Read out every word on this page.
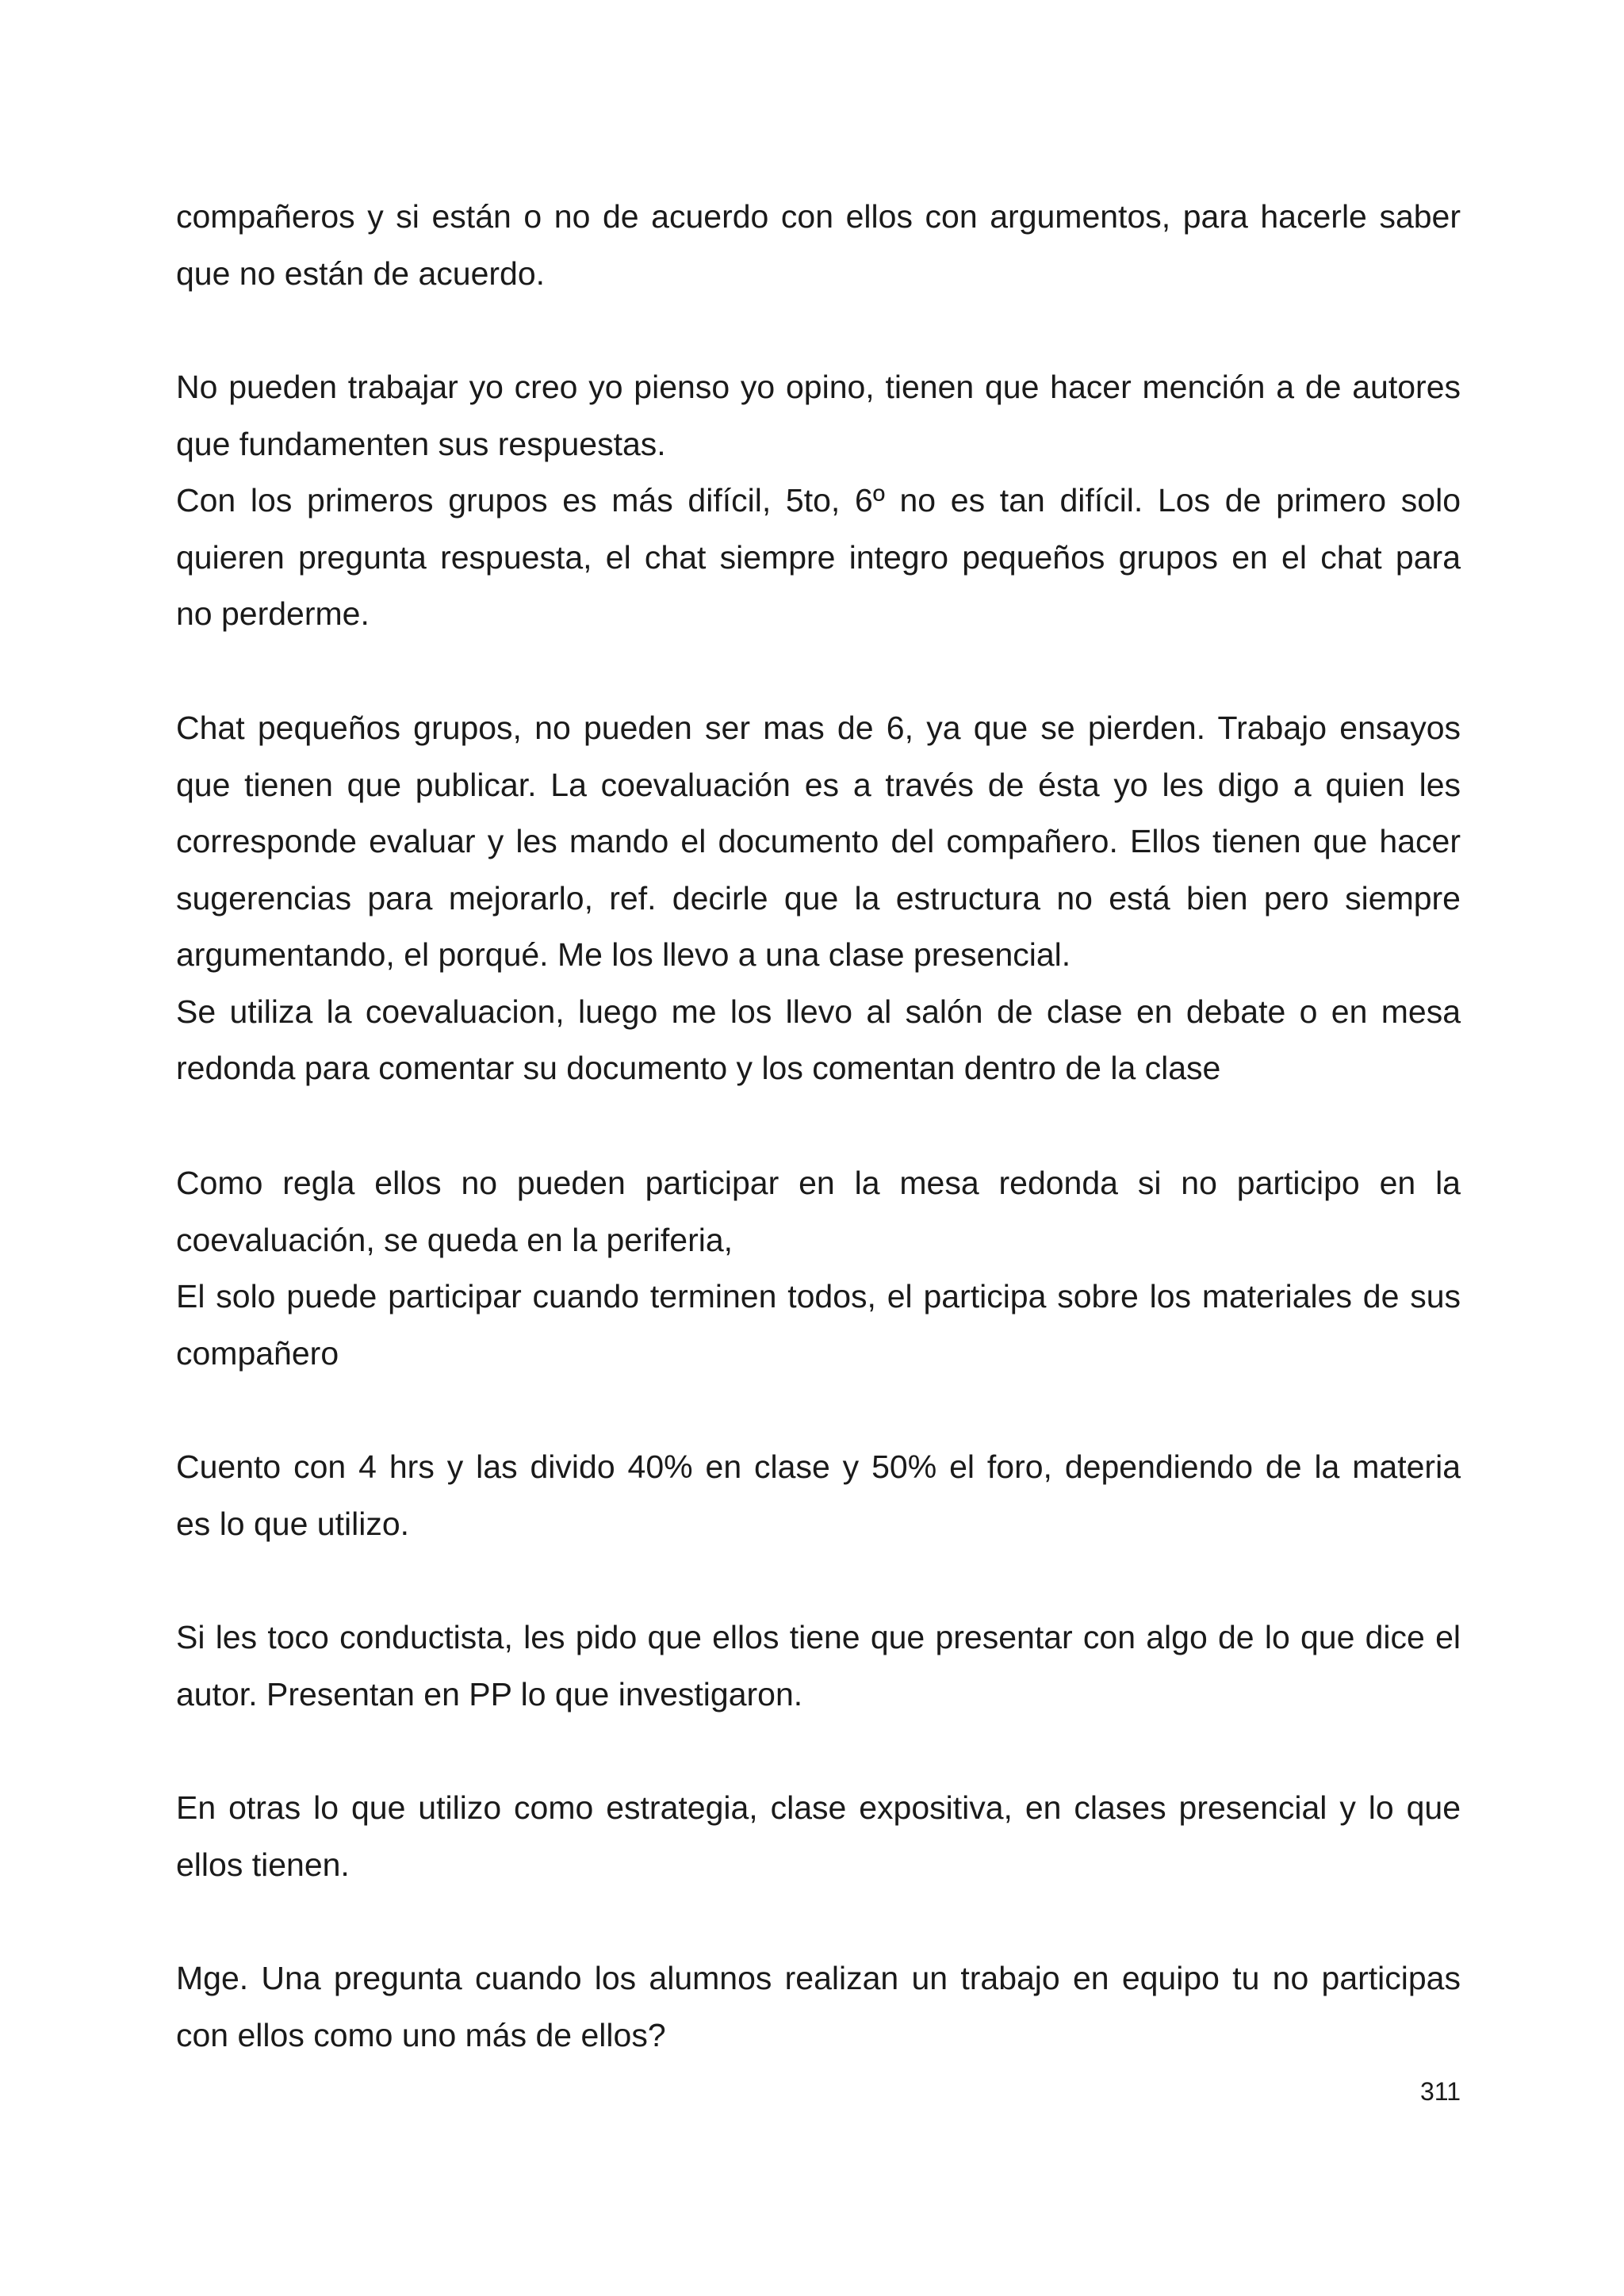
compañeros y si están o no de acuerdo con ellos con argumentos, para hacerle saber
que no están de acuerdo.
No pueden trabajar yo creo yo pienso yo opino, tienen que hacer mención a de autores
que fundamenten sus respuestas.
Con los primeros grupos es más difícil, 5to, 6º no es tan difícil. Los de primero solo
quieren pregunta respuesta, el chat siempre integro pequeños grupos en el chat para
no perderme.
Chat pequeños grupos, no pueden ser mas de 6, ya que se pierden. Trabajo ensayos
que tienen que publicar. La coevaluación es a través de ésta yo les digo a quien les
corresponde evaluar y les mando el documento del compañero. Ellos tienen que hacer
sugerencias para mejorarlo, ref. decirle que la estructura no está bien pero siempre
argumentando, el porqué. Me los llevo a una clase presencial.
Se utiliza la coevaluacion, luego me los llevo al salón de clase en debate o en mesa
redonda para comentar su documento y los comentan dentro de la clase
Como regla ellos no pueden participar en la mesa redonda si no participo en la
coevaluación, se queda en la periferia,
El solo puede participar cuando terminen todos, el participa sobre los materiales de sus
compañero
Cuento con 4 hrs y las divido 40% en clase y 50% el foro, dependiendo de la materia
es lo que utilizo.
Si les toco conductista, les pido que ellos tiene que presentar con algo de lo que dice el
autor. Presentan en PP lo que investigaron.
En otras lo que utilizo como estrategia, clase expositiva, en clases presencial y lo que
ellos tienen.
Mge. Una pregunta cuando los alumnos realizan un trabajo en equipo tu no participas
con ellos como uno más de ellos?

311
